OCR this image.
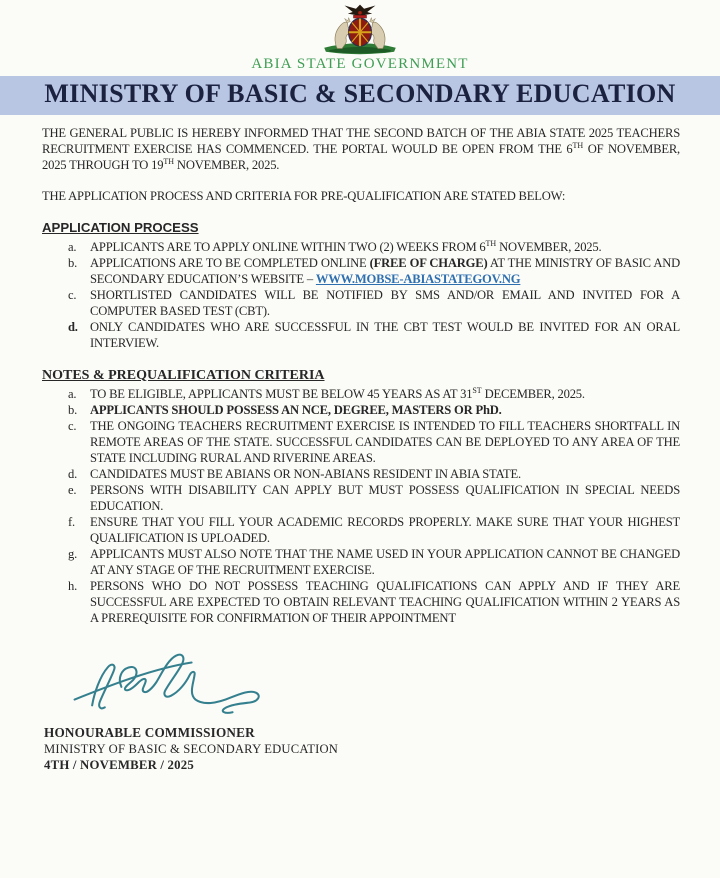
ABIA STATE GOVERNMENT
MINISTRY OF BASIC & SECONDARY EDUCATION

THE GENERAL PUBLIC IS HEREBY INFORMED THAT THE SECOND BATCH OF THE ABIA STATE 2025 TEACHERS RECRUITMENT EXERCISE HAS COMMENCED. THE PORTAL WOULD BE OPEN FROM THE 6TH OF NOVEMBER, 2025 THROUGH TO 19TH NOVEMBER, 2025.

THE APPLICATION PROCESS AND CRITERIA FOR PRE-QUALIFICATION ARE STATED BELOW:

APPLICATION PROCESS
a.	APPLICANTS ARE TO APPLY ONLINE WITHIN TWO (2) WEEKS FROM 6TH NOVEMBER, 2025.
b.	APPLICATIONS ARE TO BE COMPLETED ONLINE (FREE OF CHARGE) AT THE MINISTRY OF BASIC AND SECONDARY EDUCATION’S WEBSITE – WWW.MOBSE-ABIASTATEGOV.NG
c.	SHORTLISTED CANDIDATES WILL BE NOTIFIED BY SMS AND/OR EMAIL AND INVITED FOR A COMPUTER BASED TEST (CBT).
d. ONLY CANDIDATES WHO ARE SUCCESSFUL IN THE CBT TEST WOULD BE INVITED FOR AN ORAL INTERVIEW.
NOTES & PREQUALIFICATION CRITERIA
a.	TO BE ELIGIBLE, APPLICANTS MUST BE BELOW 45 YEARS AS AT 31ST DECEMBER, 2025.
b.	APPLICANTS SHOULD POSSESS AN NCE, DEGREE, MASTERS OR PhD.
c.	THE ONGOING TEACHERS RECRUITMENT EXERCISE IS INTENDED TO FILL TEACHERS SHORTFALL IN REMOTE AREAS OF THE STATE. SUCCESSFUL CANDIDATES CAN BE DEPLOYED TO ANY AREA OF THE STATE INCLUDING RURAL AND RIVERINE AREAS.
d.	CANDIDATES MUST BE ABIANS OR NON-ABIANS RESIDENT IN ABIA STATE.
e.	PERSONS WITH DISABILITY CAN APPLY BUT MUST POSSESS QUALIFICATION IN SPECIAL NEEDS EDUCATION.
f.	ENSURE THAT YOU FILL YOUR ACADEMIC RECORDS PROPERLY. MAKE SURE THAT YOUR HIGHEST QUALIFICATION IS UPLOADED.
g.	APPLICANTS MUST ALSO NOTE THAT THE NAME USED IN YOUR APPLICATION CANNOT BE CHANGED AT ANY STAGE OF THE RECRUITMENT EXERCISE.
h.	PERSONS WHO DO NOT POSSESS TEACHING QUALIFICATIONS CAN APPLY AND IF THEY ARE SUCCESSFUL ARE EXPECTED TO OBTAIN RELEVANT TEACHING QUALIFICATION WITHIN 2 YEARS AS A PREREQUISITE FOR CONFIRMATION OF THEIR APPOINTMENT
HONOURABLE COMMISSIONER
MINISTRY OF BASIC & SECONDARY EDUCATION
4TH / NOVEMBER / 2025
